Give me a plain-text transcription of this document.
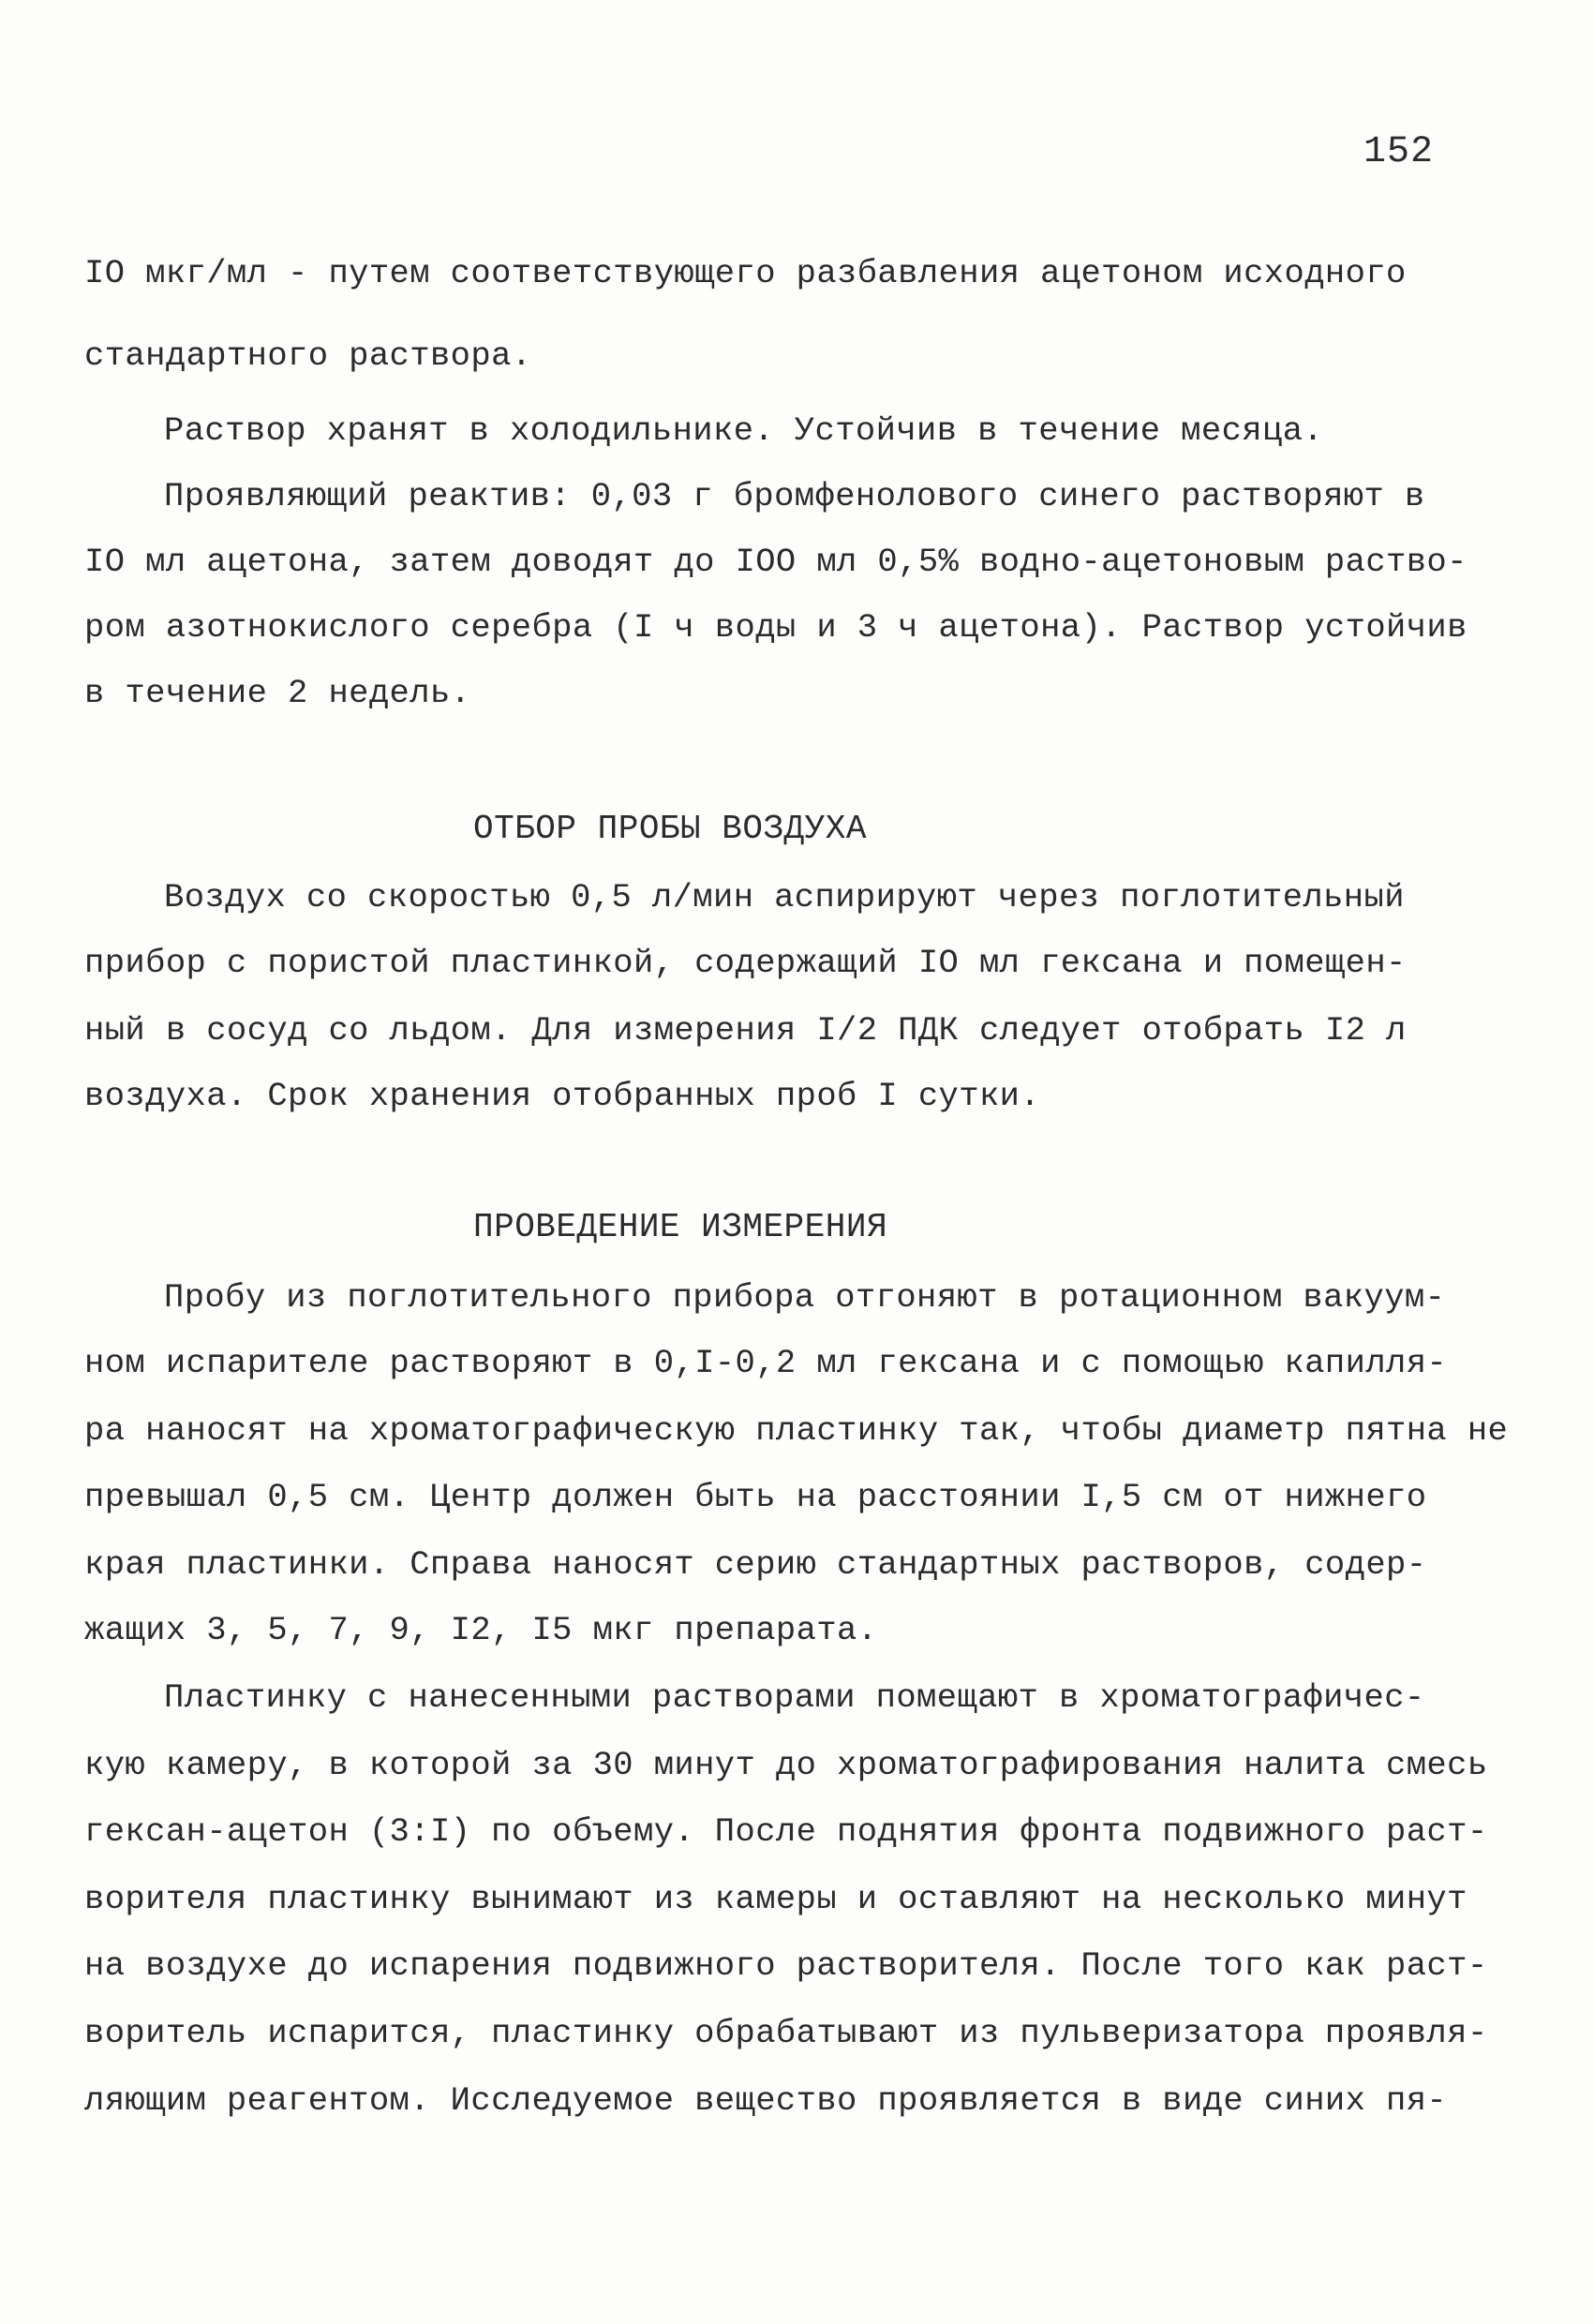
152
IO мкг/мл - путем соответствующего разбавления ацетоном исходного
стандартного раствора.
Раствор хранят в холодильнике. Устойчив в течение месяца.
Проявляющий реактив: 0,03 г бромфенолового синего растворяют в
IO мл ацетона, затем доводят до IOO мл 0,5% водно-ацетоновым раство-
ром азотнокислого серебра (I ч воды и 3 ч ацетона). Раствор устойчив
в течение 2 недель.
ОТБОР ПРОБЫ ВОЗДУХА
Воздух со скоростью 0,5 л/мин аспирируют через поглотительный
прибор с пористой пластинкой, содержащий IO мл гексана и помещен-
ный в сосуд со льдом. Для измерения I/2 ПДК следует отобрать I2 л
воздуха. Срок хранения отобранных проб I сутки.
ПРОВЕДЕНИЕ ИЗМЕРЕНИЯ
Пробу из поглотительного прибора отгоняют в ротационном вакуум-
ном испарителе растворяют в 0,I-0,2 мл гексана и с помощью капилля-
ра наносят на хроматографическую пластинку так, чтобы диаметр пятна не
превышал 0,5 см. Центр должен быть на расстоянии I,5 см от нижнего
края пластинки. Справа наносят серию стандартных растворов, содер-
жащих 3, 5, 7, 9, I2, I5 мкг препарата.
Пластинку с нанесенными растворами помещают в хроматографичес-
кую камеру, в которой за 30 минут до хроматографирования налита смесь
гексан-ацетон (3:I) по объему. После поднятия фронта подвижного раст-
ворителя пластинку вынимают из камеры и оставляют на несколько минут
на воздухе до испарения подвижного растворителя. После того как раст-
воритель испарится, пластинку обрабатывают из пульверизатора проявля-
ляющим реагентом. Исследуемое вещество проявляется в виде синих пя-
